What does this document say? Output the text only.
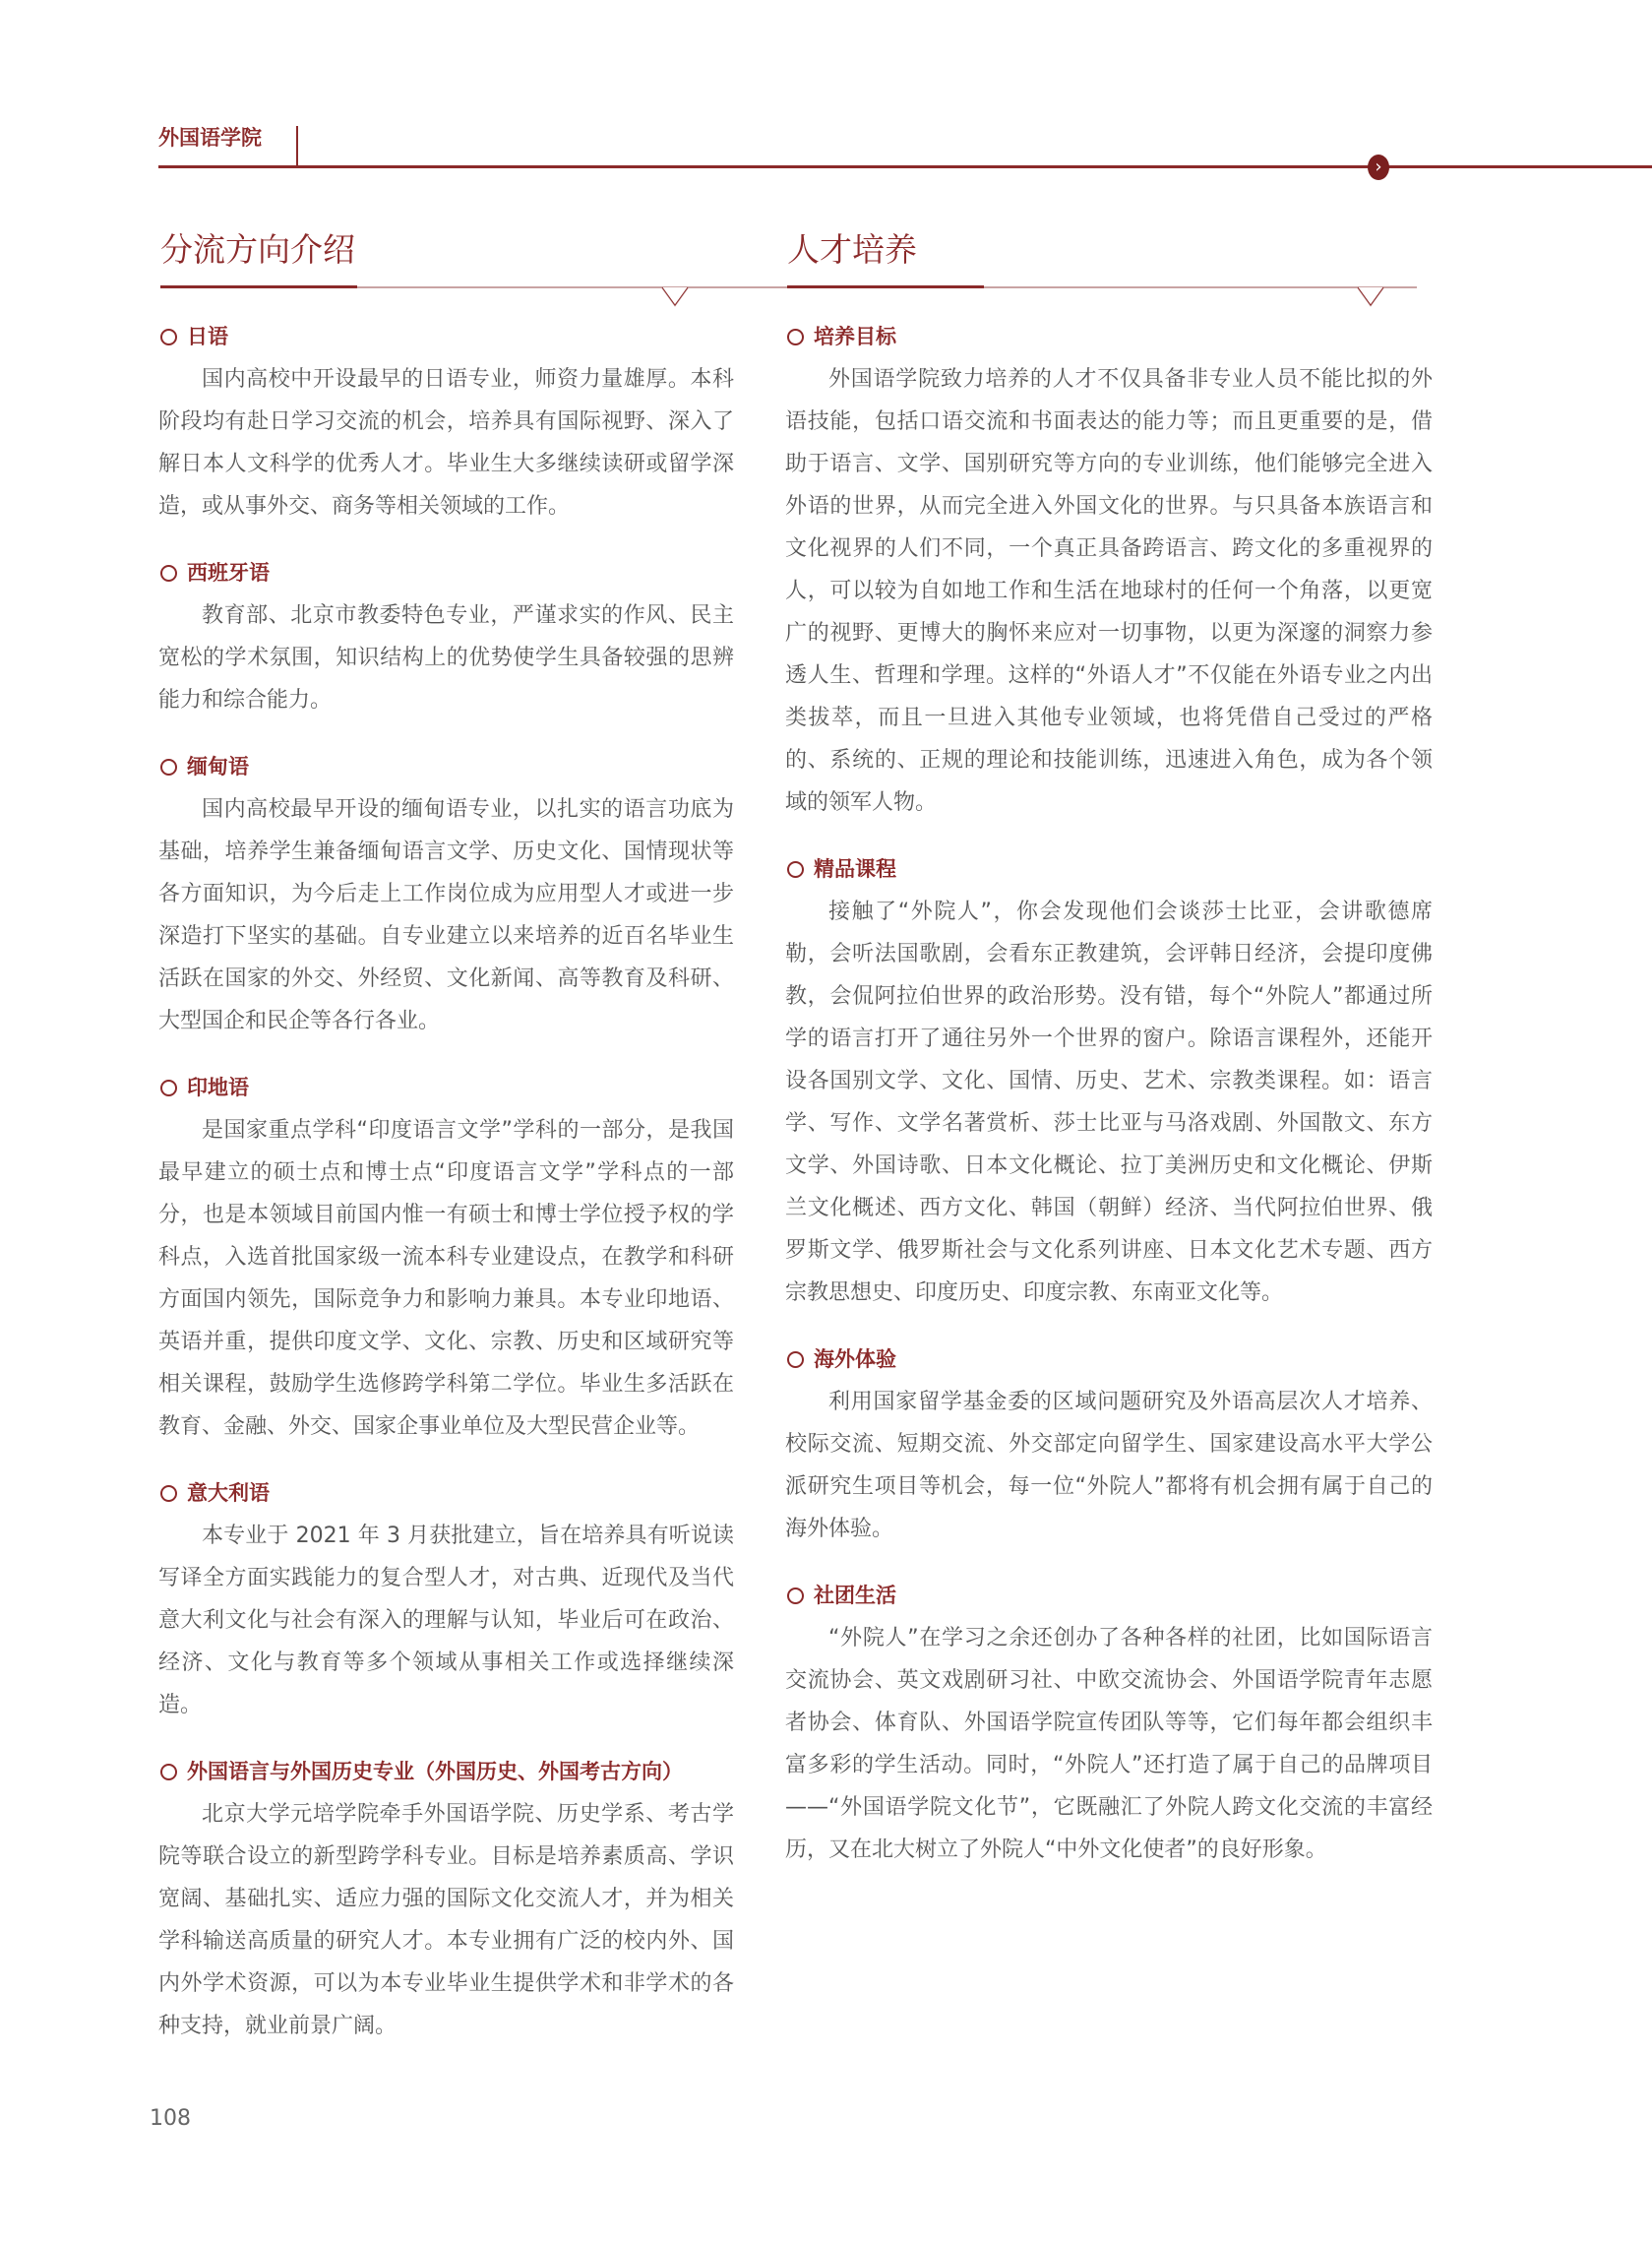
外国语学院
›
分流方向介绍
日语

国内高校中开设最早的日语专业，师资力量雄厚。本科阶段均有赴日学习交流的机会，培养具有国际视野、深入了解日本人文科学的优秀人才。毕业生大多继续读研或留学深造，或从事外交、商务等相关领域的工作。

西班牙语

教育部、北京市教委特色专业，严谨求实的作风、民主宽松的学术氛围，知识结构上的优势使学生具备较强的思辨能力和综合能力。

缅甸语

国内高校最早开设的缅甸语专业，以扎实的语言功底为基础，培养学生兼备缅甸语言文学、历史文化、国情现状等各方面知识，为今后走上工作岗位成为应用型人才或进一步深造打下坚实的基础。自专业建立以来培养的近百名毕业生活跃在国家的外交、外经贸、文化新闻、高等教育及科研、大型国企和民企等各行各业。

印地语

是国家重点学科“印度语言文学”学科的一部分，是我国最早建立的硕士点和博士点“印度语言文学”学科点的一部分，也是本领域目前国内惟一有硕士和博士学位授予权的学科点，入选首批国家级一流本科专业建设点，在教学和科研方面国内领先，国际竞争力和影响力兼具。本专业印地语、英语并重，提供印度文学、文化、宗教、历史和区域研究等相关课程，鼓励学生选修跨学科第二学位。毕业生多活跃在教育、金融、外交、国家企事业单位及大型民营企业等。

意大利语

本专业于 2021 年 3 月获批建立，旨在培养具有听说读写译全方面实践能力的复合型人才，对古典、近现代及当代意大利文化与社会有深入的理解与认知，毕业后可在政治、经济、文化与教育等多个领域从事相关工作或选择继续深造。

外国语言与外国历史专业（外国历史、外国考古方向）

北京大学元培学院牵手外国语学院、历史学系、考古学院等联合设立的新型跨学科专业。目标是培养素质高、学识宽阔、基础扎实、适应力强的国际文化交流人才，并为相关学科输送高质量的研究人才。本专业拥有广泛的校内外、国内外学术资源，可以为本专业毕业生提供学术和非学术的各种支持，就业前景广阔。

108
人才培养
培养目标

外国语学院致力培养的人才不仅具备非专业人员不能比拟的外语技能，包括口语交流和书面表达的能力等；而且更重要的是，借助于语言、文学、国别研究等方向的专业训练，他们能够完全进入外语的世界，从而完全进入外国文化的世界。与只具备本族语言和文化视界的人们不同，一个真正具备跨语言、跨文化的多重视界的人，可以较为自如地工作和生活在地球村的任何一个角落，以更宽广的视野、更博大的胸怀来应对一切事物，以更为深邃的洞察力参透人生、哲理和学理。这样的“外语人才”不仅能在外语专业之内出类拔萃，而且一旦进入其他专业领域，也将凭借自己受过的严格的、系统的、正规的理论和技能训练，迅速进入角色，成为各个领域的领军人物。

精品课程

接触了“外院人”，你会发现他们会谈莎士比亚，会讲歌德席勒，会听法国歌剧，会看东正教建筑，会评韩日经济，会提印度佛教，会侃阿拉伯世界的政治形势。没有错，每个“外院人”都通过所学的语言打开了通往另外一个世界的窗户。除语言课程外，还能开设各国别文学、文化、国情、历史、艺术、宗教类课程。如：语言学、写作、文学名著赏析、莎士比亚与马洛戏剧、外国散文、东方文学、外国诗歌、日本文化概论、拉丁美洲历史和文化概论、伊斯兰文化概述、西方文化、韩国（朝鲜）经济、当代阿拉伯世界、俄罗斯文学、俄罗斯社会与文化系列讲座、日本文化艺术专题、西方宗教思想史、印度历史、印度宗教、东南亚文化等。

海外体验

利用国家留学基金委的区域问题研究及外语高层次人才培养、校际交流、短期交流、外交部定向留学生、国家建设高水平大学公派研究生项目等机会，每一位“外院人”都将有机会拥有属于自己的海外体验。

社团生活

“外院人”在学习之余还创办了各种各样的社团，比如国际语言交流协会、英文戏剧研习社、中欧交流协会、外国语学院青年志愿者协会、体育队、外国语学院宣传团队等等，它们每年都会组织丰富多彩的学生活动。同时，“外院人”还打造了属于自己的品牌项目——“外国语学院文化节”，它既融汇了外院人跨文化交流的丰富经历，又在北大树立了外院人“中外文化使者”的良好形象。
